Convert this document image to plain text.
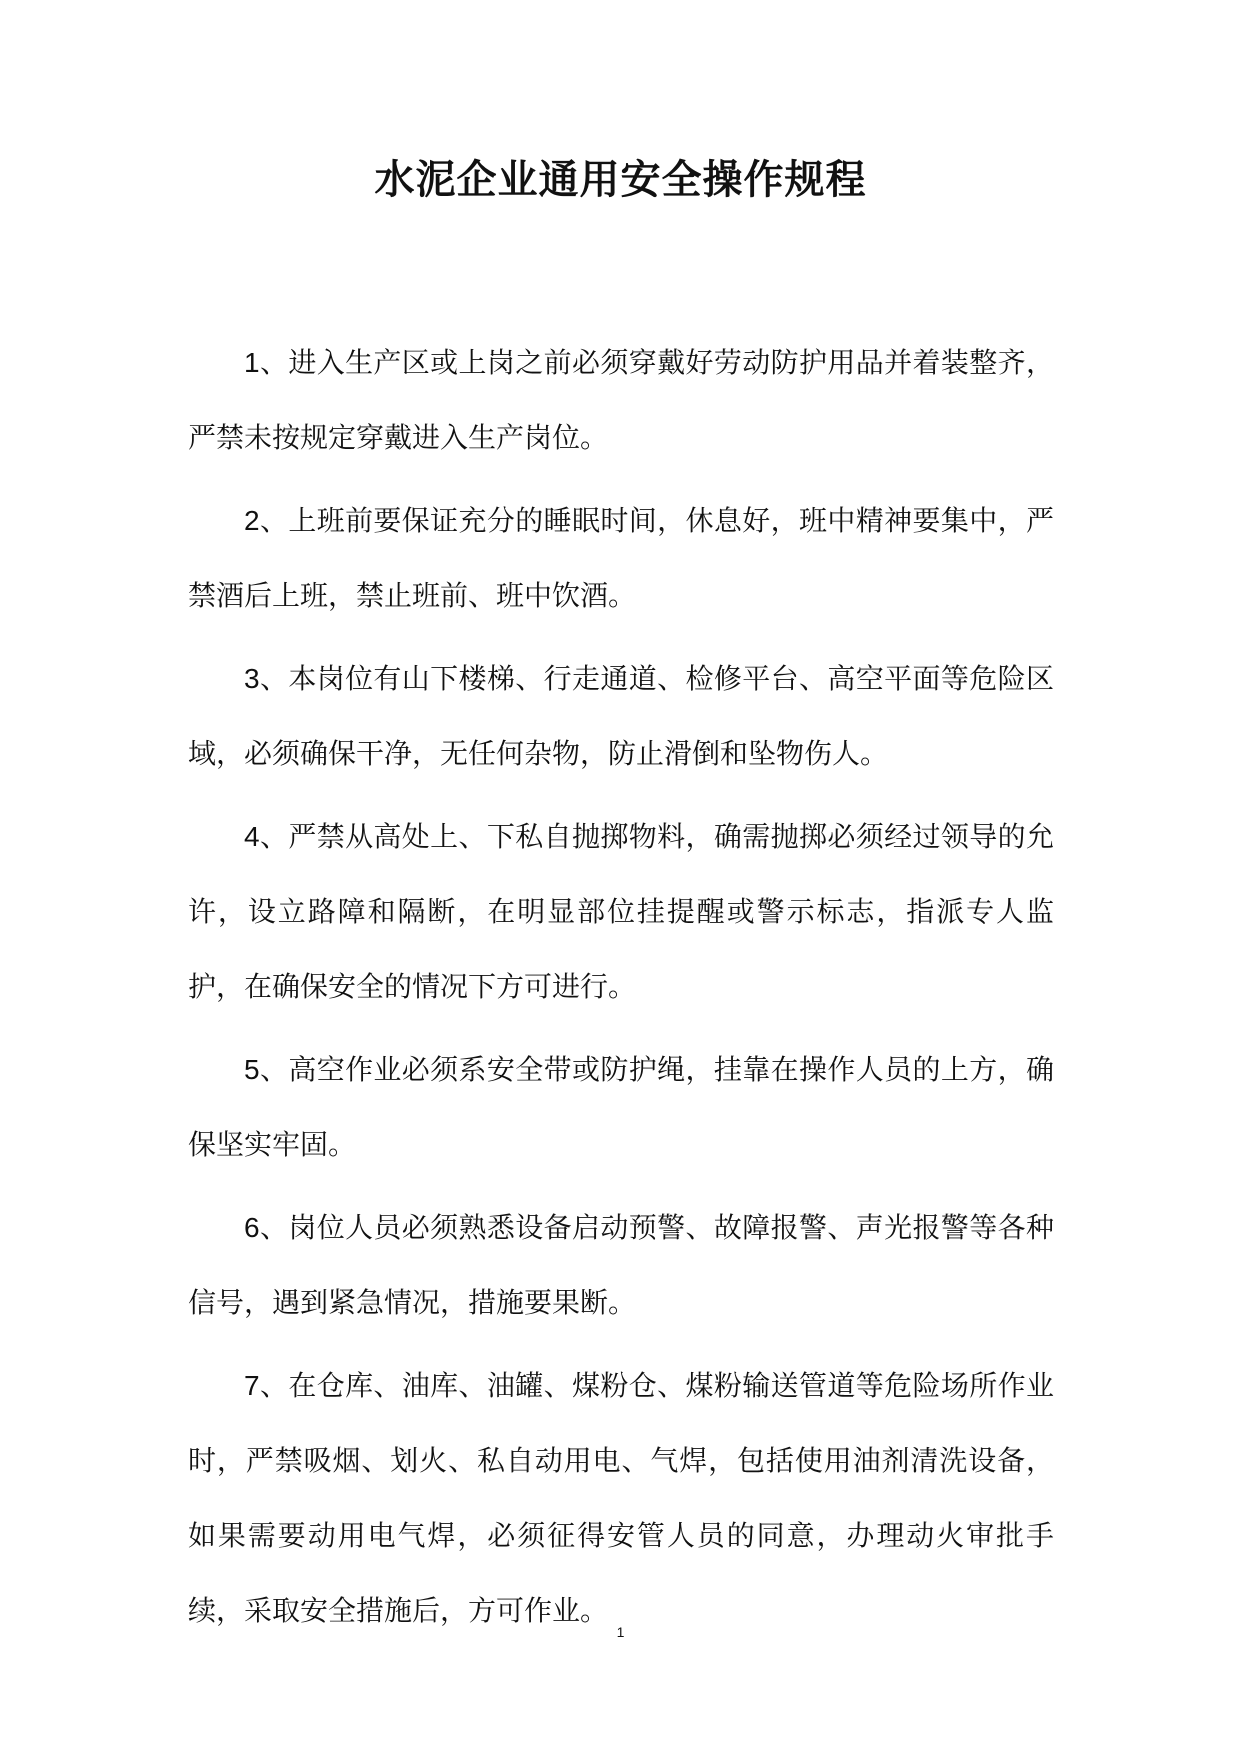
水泥企业通用安全操作规程

1、进入生产区或上岗之前必须穿戴好劳动防护用品并着装整齐，严禁未按规定穿戴进入生产岗位。

2、上班前要保证充分的睡眠时间，休息好，班中精神要集中，严禁酒后上班，禁止班前、班中饮酒。

3、本岗位有山下楼梯、行走通道、检修平台、高空平面等危险区域，必须确保干净，无任何杂物，防止滑倒和坠物伤人。

4、严禁从高处上、下私自抛掷物料，确需抛掷必须经过领导的允许，设立路障和隔断，在明显部位挂提醒或警示标志，指派专人监护，在确保安全的情况下方可进行。

5、高空作业必须系安全带或防护绳，挂靠在操作人员的上方，确保坚实牢固。

6、岗位人员必须熟悉设备启动预警、故障报警、声光报警等各种信号，遇到紧急情况，措施要果断。

7、在仓库、油库、油罐、煤粉仓、煤粉输送管道等危险场所作业时，严禁吸烟、划火、私自动用电、气焊，包括使用油剂清洗设备，如果需要动用电气焊，必须征得安管人员的同意，办理动火审批手续，采取安全措施后，方可作业。

1
